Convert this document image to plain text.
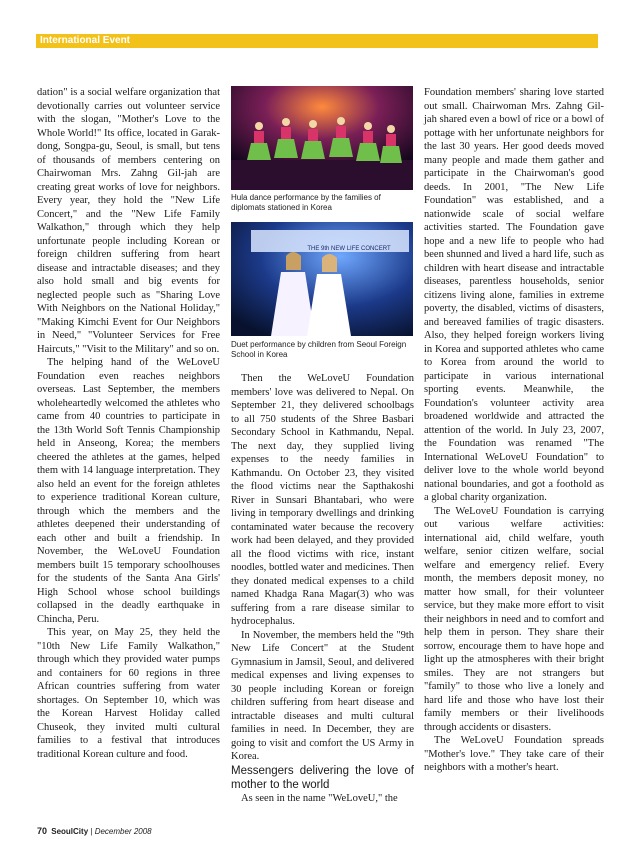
International Event

dation" is a social welfare organization that devotionally carries out volunteer service with the slogan, "Mother's Love to the Whole World!" Its office, located in Garak-dong, Songpa-gu, Seoul, is small, but tens of thousands of members centering on Chairwoman Mrs. Zahng Gil-jah are creating great works of love for neighbors. Every year, they hold the "New Life Concert," and the "New Life Family Walkathon," through which they help unfortunate people including Korean or foreign children suffering from heart disease and intractable diseases; and they also hold small and big events for neglected people such as "Sharing Love With Neighbors on the National Holiday," "Making Kimchi Event for Our Neighbors in Need," "Volunteer Services for Free Haircuts," "Visit to the Military" and so on.

The helping hand of the WeLoveU Foundation even reaches neighbors overseas. Last September, the members wholeheartedly welcomed the athletes who came from 40 countries to participate in the 13th World Soft Tennis Championship held in Anseong, Korea; the members cheered the athletes at the games, helped them with 14 language interpretation. They also held an event for the foreign athletes to experience traditional Korean culture, through which the members and the athletes deepened their understanding of each other and built a friendship. In November, the WeLoveU Foundation members built 15 temporary schoolhouses for the students of the Santa Ana Girls' High School whose school buildings collapsed in the deadly earthquake in Chincha, Peru.

This year, on May 25, they held the "10th New Life Family Walkathon," through which they provided water pumps and containers for 60 regions in three African countries suffering from water shortages. On September 10, which was the Korean Harvest Holiday called Chuseok, they invited multi cultural families to a festival that introduces traditional Korean culture and food.

Hula dance performance by the families of diplomats stationed in Korea
THE 9th NEW LIFE CONCERT
Duet performance by children from Seoul Foreign School in Korea

Then the WeLoveU Foundation members' love was delivered to Nepal. On September 21, they delivered schoolbags to all 750 students of the Shree Basbari Secondary School in Kathmandu, Nepal. The next day, they supplied living expenses to the needy families in Kathmandu. On October 23, they visited the flood victims near the Sapthakoshi River in Sunsari Bhantabari, who were living in temporary dwellings and drinking contaminated water because the recovery work had been delayed, and they provided all the flood victims with rice, instant noodles, bottled water and medicines. Then they donated medical expenses to a child named Khadga Rana Magar(3) who was suffering from a rare disease similar to hydrocephalus.

In November, the members held the "9th New Life Concert" at the Student Gymnasium in Jamsil, Seoul, and delivered medical expenses and living expenses to 30 people including Korean or foreign children suffering from heart disease and intractable diseases and multi cultural families in need. In December, they are going to visit and comfort the US Army in Korea.

Messengers delivering the love of mother to the world

As seen in the name "WeLoveU," the

Foundation members' sharing love started out small. Chairwoman Mrs. Zahng Gil-jah shared even a bowl of rice or a bowl of pottage with her unfortunate neighbors for the last 30 years. Her good deeds moved many people and made them gather and participate in the Chairwoman's good deeds. In 2001, "The New Life Foundation" was established, and a nationwide scale of social welfare activities started. The Foundation gave hope and a new life to people who had been shunned and lived a hard life, such as children with heart disease and intractable diseases, parentless households, senior citizens living alone, families in extreme poverty, the disabled, victims of disasters, and bereaved families of tragic disasters. Also, they helped foreign workers living in Korea and supported athletes who came to Korea from around the world to participate in various international sporting events. Meanwhile, the Foundation's volunteer activity area broadened worldwide and attracted the attention of the world. In July 23, 2007, the Foundation was renamed "The International WeLoveU Foundation" to deliver love to the whole world beyond national boundaries, and got a foothold as a global charity organization.

The WeLoveU Foundation is carrying out various welfare activities: international aid, child welfare, youth welfare, senior citizen welfare, social welfare and emergency relief. Every month, the members deposit money, no matter how small, for their volunteer service, but they make more effort to visit their neighbors in need and to comfort and help them in person. They share their sorrow, encourage them to have hope and light up the atmospheres with their bright smiles. They are not strangers but "family" to those who live a lonely and hard life and those who have lost their family members or their livelihoods through accidents or disasters.

The WeLoveU Foundation spreads "Mother's love." They take care of their neighbors with a mother's heart.

70 SeoulCity | December 2008
